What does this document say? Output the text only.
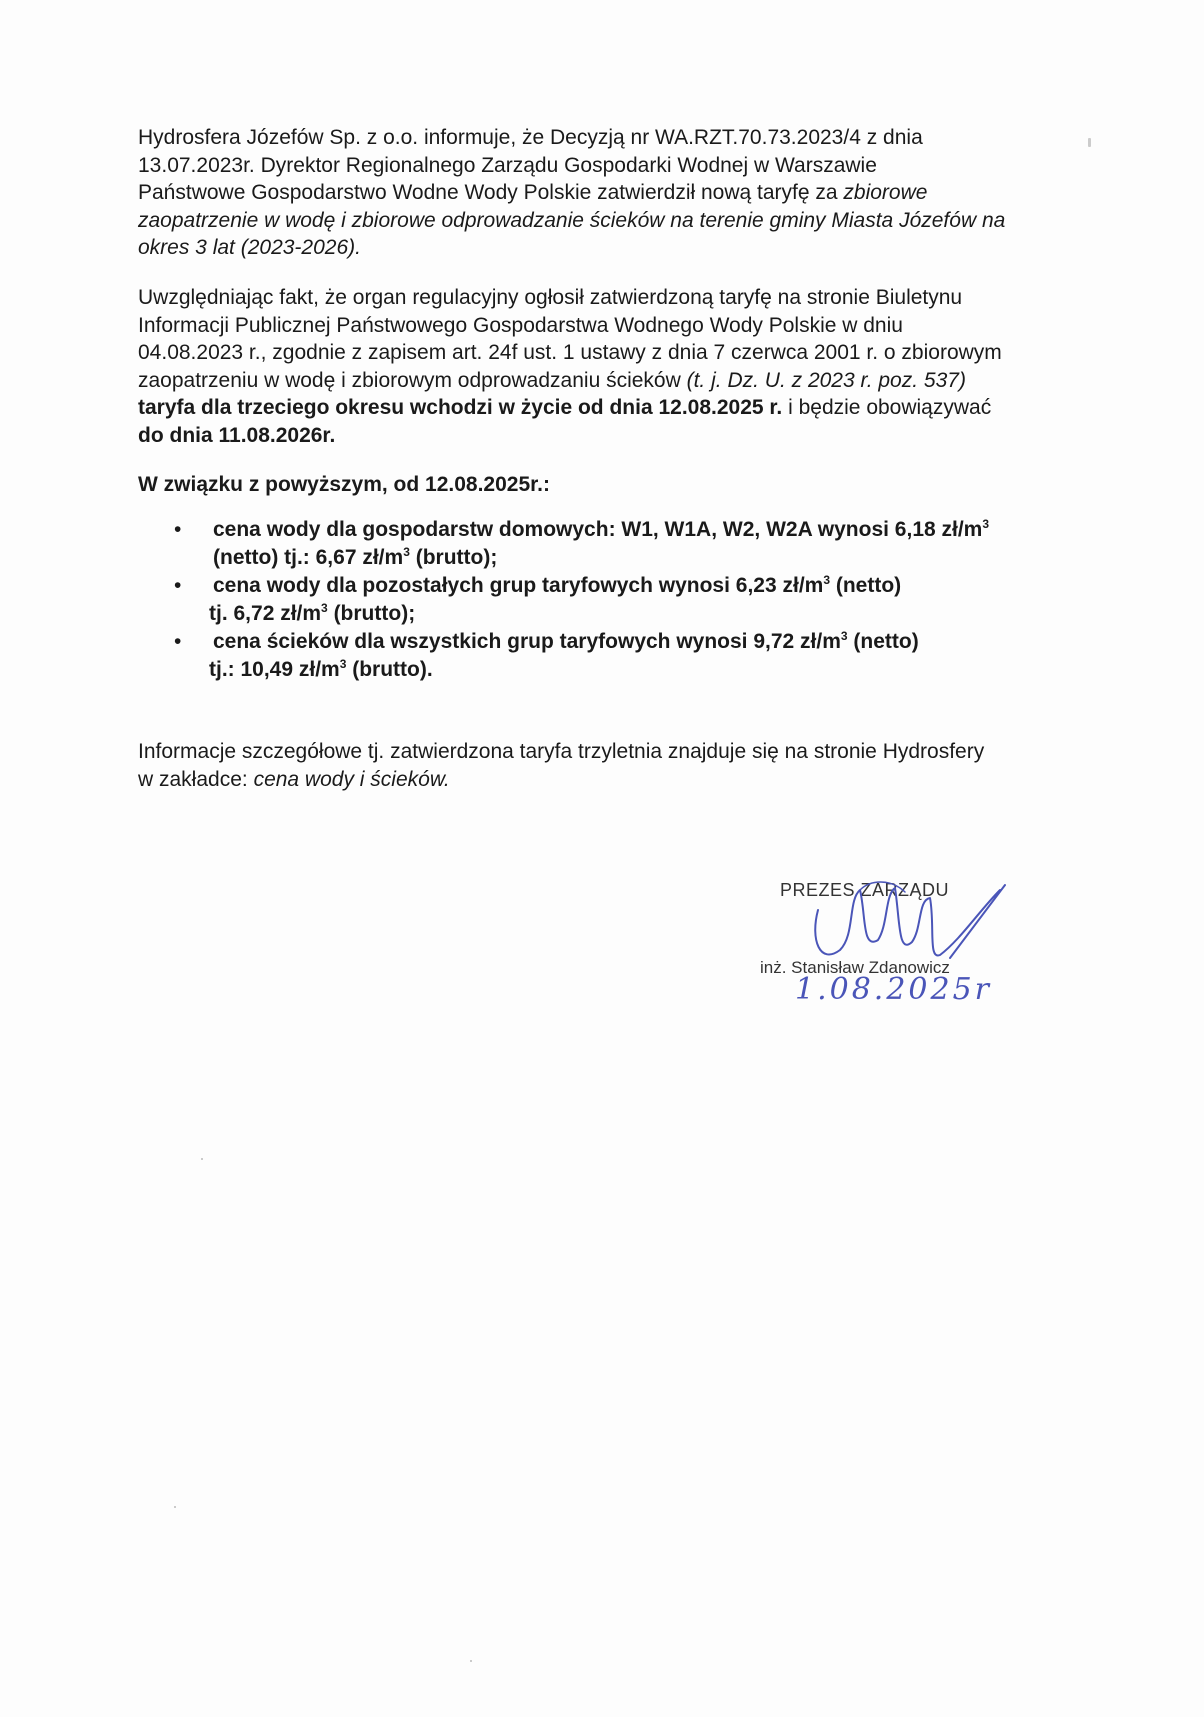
Hydrosfera Józefów Sp. z o.o. informuje, że Decyzją nr WA.RZT.70.73.2023/4 z dnia
13.07.2023r. Dyrektor Regionalnego Zarządu Gospodarki Wodnej w Warszawie
Państwowe Gospodarstwo Wodne Wody Polskie zatwierdził nową taryfę za zbiorowe
zaopatrzenie w wodę i zbiorowe odprowadzanie ścieków na terenie gminy Miasta Józefów na
okres 3 lat (2023-2026).
Uwzględniając fakt, że organ regulacyjny ogłosił zatwierdzoną taryfę na stronie Biuletynu
Informacji Publicznej Państwowego Gospodarstwa Wodnego Wody Polskie w dniu
04.08.2023 r., zgodnie z zapisem art. 24f ust. 1 ustawy z dnia 7 czerwca 2001 r. o zbiorowym
zaopatrzeniu w wodę i zbiorowym odprowadzaniu ścieków (t. j. Dz. U. z 2023 r. poz. 537)
taryfa dla trzeciego okresu wchodzi w życie od dnia 12.08.2025 r. i będzie obowiązywać
do dnia 11.08.2026r.
W związku z powyższym, od 12.08.2025r.:
• cena wody dla gospodarstw domowych: W1, W1A, W2, W2A wynosi 6,18 $zł/m^3$
(netto) tj.: 6,67 $zł/m^3$ (brutto);
• cena wody dla pozostałych grup taryfowych wynosi 6,23 $zł/m^3$ (netto)
tj. 6,72 $zł/m^3$ (brutto);
• cena ścieków dla wszystkich grup taryfowych wynosi 9,72 $zł/m^3$ (netto)
tj.: 10,49 $zł/m^3$ (brutto).
Informacje szczegółowe tj. zatwierdzona taryfa trzyletnia znajduje się na stronie Hydrosfery
w zakładce: cena wody i ścieków.
PREZES ZARZĄDU
inż. Stanisław Zdanowicz
1.08.2025r
